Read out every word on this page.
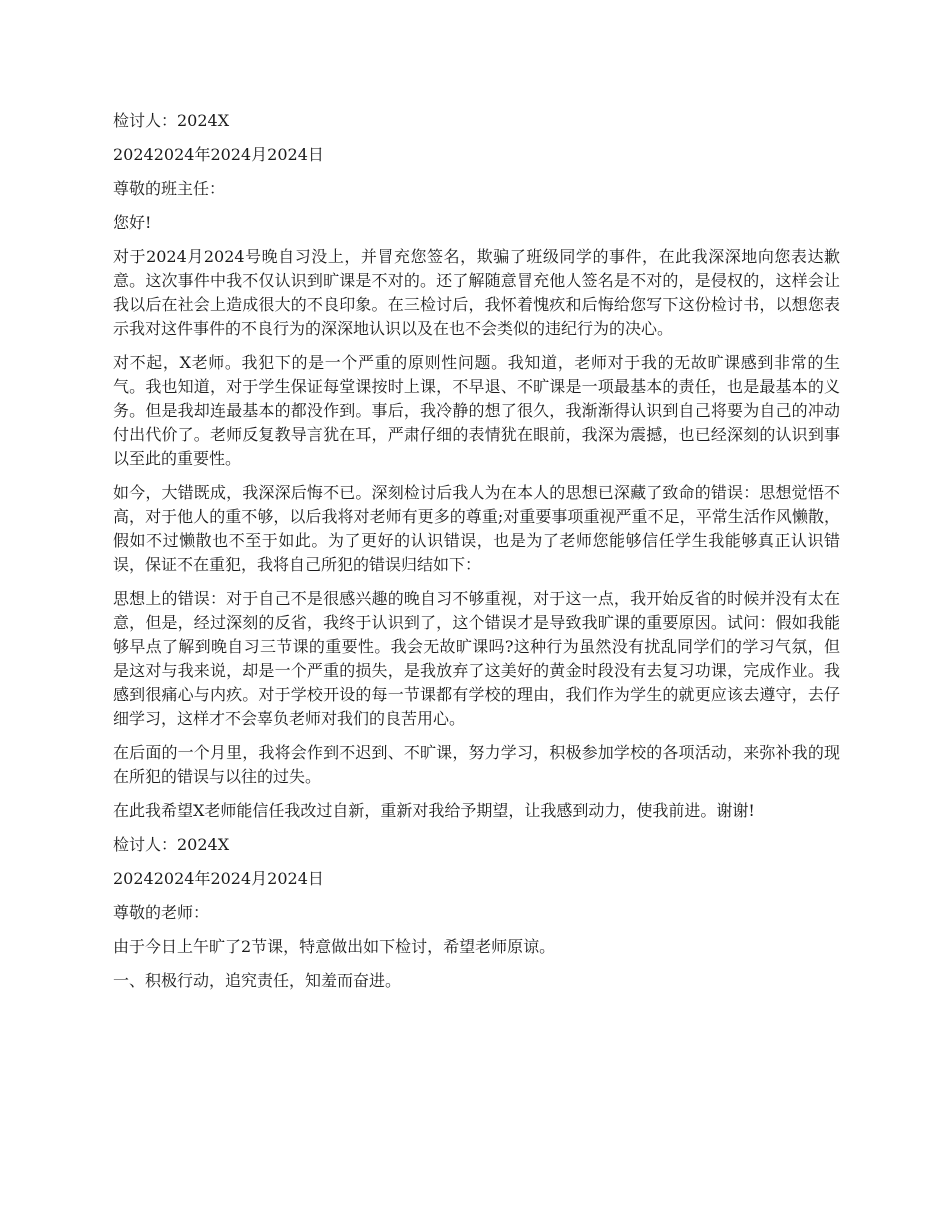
检讨人：2024X

20242024年2024月2024日

尊敬的班主任：

您好!

对于2024月2024号晚自习没上，并冒充您签名，欺骗了班级同学的事件，在此我深深地向您表达歉意。这次事件中我不仅认识到旷课是不对的。还了解随意冒充他人签名是不对的，是侵权的，这样会让我以后在社会上造成很大的不良印象。在三检讨后，我怀着愧疚和后悔给您写下这份检讨书，以想您表示我对这件事件的不良行为的深深地认识以及在也不会类似的违纪行为的决心。

对不起，X老师。我犯下的是一个严重的原则性问题。我知道，老师对于我的无故旷课感到非常的生气。我也知道，对于学生保证每堂课按时上课，不早退、不旷课是一项最基本的责任，也是最基本的义务。但是我却连最基本的都没作到。事后，我冷静的想了很久，我渐渐得认识到自己将要为自己的冲动付出代价了。老师反复教导言犹在耳，严肃仔细的表情犹在眼前，我深为震撼，也已经深刻的认识到事以至此的重要性。

如今，大错既成，我深深后悔不已。深刻检讨后我人为在本人的思想已深藏了致命的错误：思想觉悟不高，对于他人的重不够，以后我将对老师有更多的尊重;对重要事项重视严重不足，平常生活作风懒散，假如不过懒散也不至于如此。为了更好的认识错误，也是为了老师您能够信任学生我能够真正认识错误，保证不在重犯，我将自己所犯的错误归结如下：

思想上的错误：对于自己不是很感兴趣的晚自习不够重视，对于这一点，我开始反省的时候并没有太在意，但是，经过深刻的反省，我终于认识到了，这个错误才是导致我旷课的重要原因。试问：假如我能够早点了解到晚自习三节课的重要性。我会无故旷课吗?这种行为虽然没有扰乱同学们的学习气氛，但是这对与我来说，却是一个严重的损失，是我放弃了这美好的黄金时段没有去复习功课，完成作业。我感到很痛心与内疚。对于学校开设的每一节课都有学校的理由，我们作为学生的就更应该去遵守，去仔细学习，这样才不会辜负老师对我们的良苦用心。

在后面的一个月里，我将会作到不迟到、不旷课，努力学习，积极参加学校的各项活动，来弥补我的现在所犯的错误与以往的过失。

在此我希望X老师能信任我改过自新，重新对我给予期望，让我感到动力，使我前进。谢谢!

检讨人：2024X

20242024年2024月2024日

尊敬的老师：

由于今日上午旷了2节课，特意做出如下检讨，希望老师原谅。

一、积极行动，追究责任，知羞而奋进。
